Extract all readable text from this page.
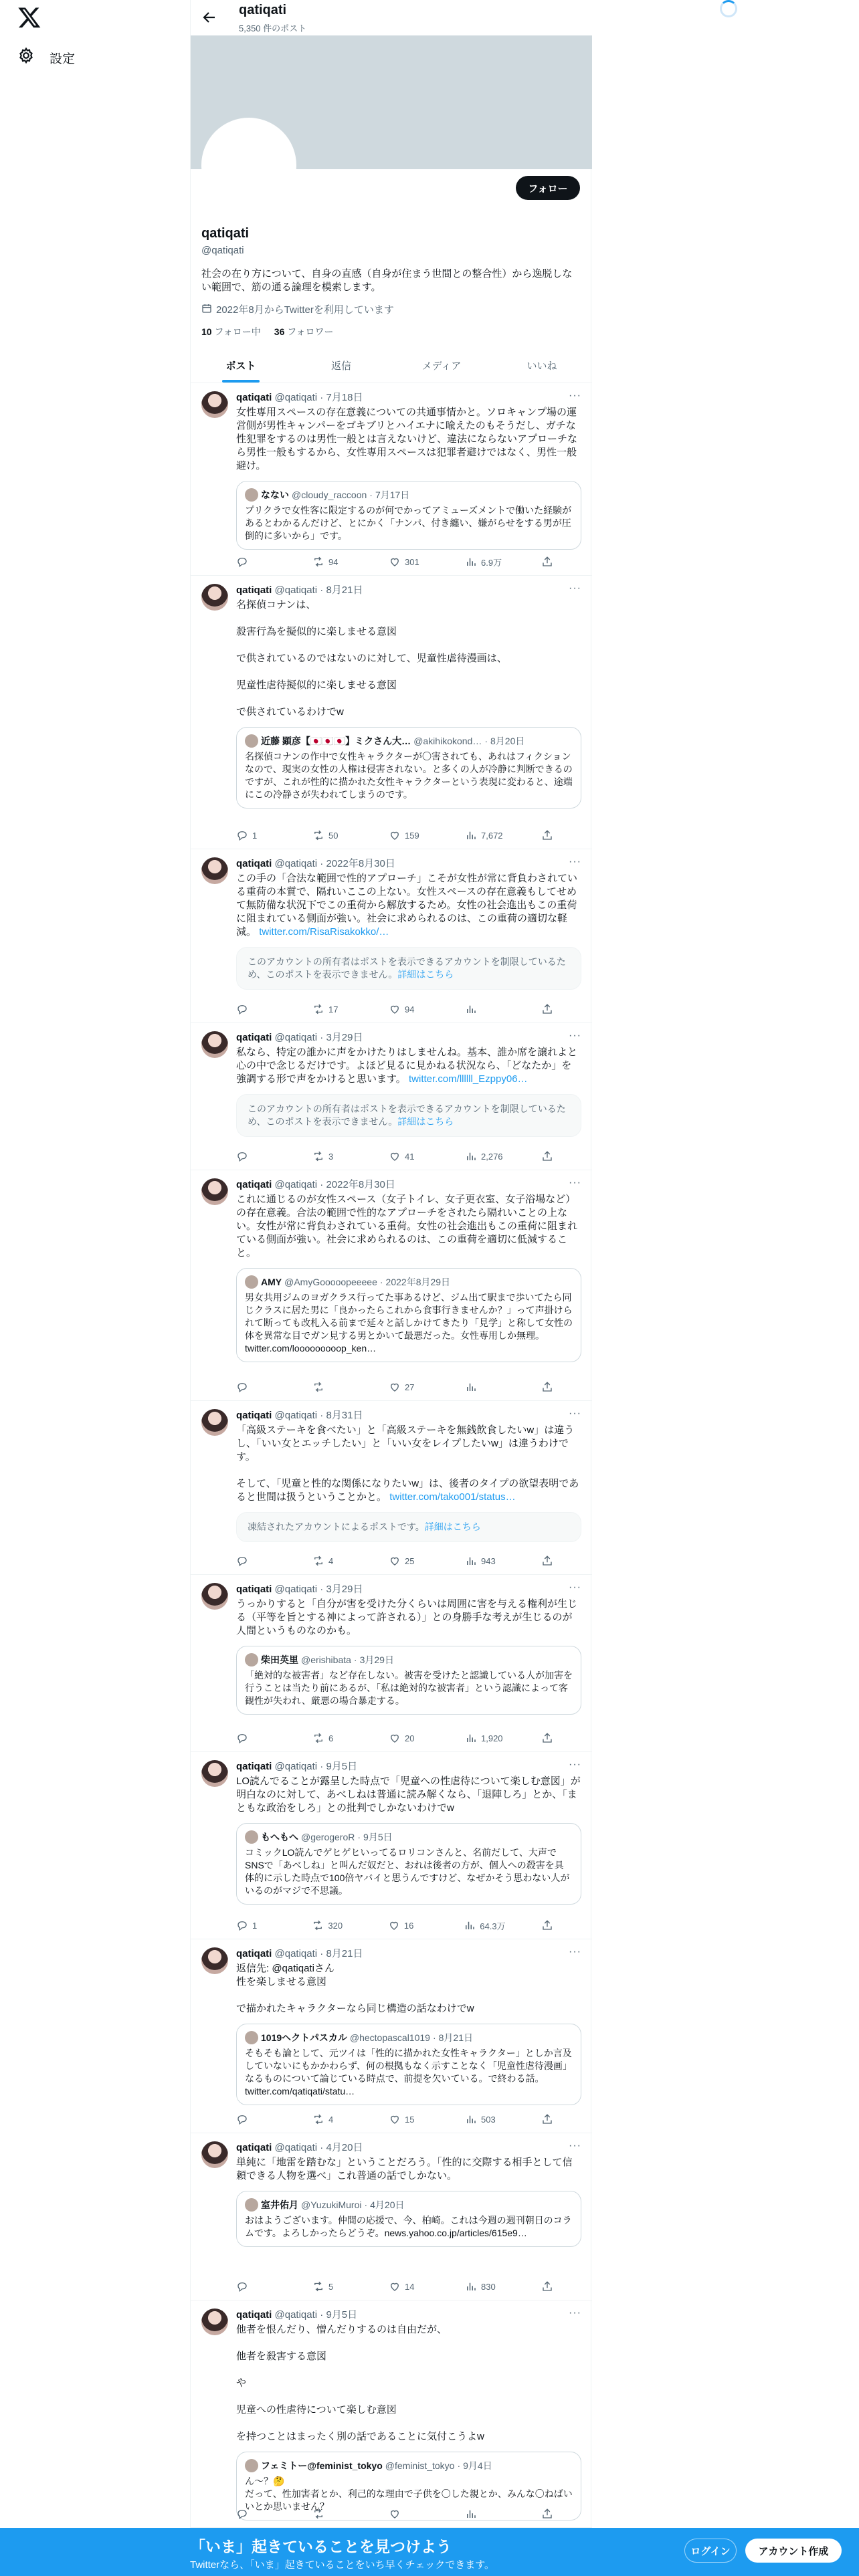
設定
qatiqati
5,350 件のポスト
フォロー
qatiqati
@qatiqati
社会の在り方について、自身の直感（自身が住まう世間との整合性）から逸脱しない範囲で、筋の通る論理を模索します。
2022年8月からTwitterを利用しています
10 フォロー中 36 フォロワー
ポスト	返信	メディア	いいね
···
qatiqati @qatiqati · 7月18日
女性専用スペースの存在意義についての共通事情かと。ソロキャンプ場の運営側が男性キャンパーをゴキブリとハイエナに喩えたのもそうだし、ガチな性犯罪をするのは男性一般とは言えないけど、違法にならないアプローチなら男性一般もするから、女性専用スペースは犯罪者避けではなく、男性一般避け。
なない @cloudy_raccoon · 7月17日
プリクラで女性客に限定するのが何でかってアミューズメントで働いた経験があるとわかるんだけど、とにかく「ナンパ、付き纏い、嫌がらせをする男が圧倒的に多いから」です。
94	301	6.9万
···
qatiqati @qatiqati · 8月21日
名探偵コナンは、

殺害行為を擬似的に楽しませる意図

で供されているのではないのに対して、児童性虐待漫画は、

児童性虐待擬似的に楽しませる意図

で供されているわけでw
近藤 顕彦【🇯🇵🇯🇵🇯🇵】ミクさん大… @akihikokond… · 8月20日
名探偵コナンの作中で女性キャラクターが〇害されても、あれはフィクションなので、現実の女性の人権は侵害されない。と多くの人が冷静に判断できるのですが、これが性的に描かれた女性キャラクターという表現に変わると、途端にこの冷静さが失われてしまうのです。
1	50	159	7,672
···
qatiqati @qatiqati · 2022年8月30日
この手の「合法な範囲で性的アプローチ」こそが女性が常に背負わされている重荷の本質で、隔れいここの上ない。女性スペースの存在意義もしてせめて無防備な状況下でこの重荷から解放するため。女性の社会進出もこの重荷に阻まれている側面が強い。社会に求められるのは、この重荷の適切な軽減。 twitter.com/RisaRisakokko/…
このアカウントの所有者はポストを表示できるアカウントを制限しているため、このポストを表示できません。詳細はこちら
17	94
···
qatiqati @qatiqati · 3月29日
私なら、特定の誰かに声をかけたりはしませんね。基本、誰か席を譲れよと心の中で念じるだけです。よほど見るに見かねる状況なら、「どなたか」を強調する形で声をかけると思います。 twitter.com/llllll_Ezppy06…
このアカウントの所有者はポストを表示できるアカウントを制限しているため、このポストを表示できません。詳細はこちら
3	41	2,276
···
qatiqati @qatiqati · 2022年8月30日
これに通じるのが女性スペース（女子トイレ、女子更衣室、女子浴場など）の存在意義。合法の範囲で性的なアプローチをされたら隔れいことの上ない。女性が常に背負わされている重荷。女性の社会進出もこの重荷に阻まれている側面が強い。社会に求められるのは、この重荷を適切に低減すること。
AMY @AmyGooooopeeeee · 2022年8月29日
男女共用ジムのヨガクラス行ってた事あるけど、ジム出て駅まで歩いてたら同じクラスに居た男に「良かったらこれから食事行きませんか？」って声掛けられて断っても改札入る前まで延々と話しかけてきたり「見学」と称して女性の体を異常な目でガン見する男とかいて最悪だった。女性専用しか無理。twitter.com/looooooooop_ken…
27
···
qatiqati @qatiqati · 8月31日
「高級ステーキを食べたい」と「高級ステーキを無銭飲食したいw」は違うし、「いい女とエッチしたい」と「いい女をレイプしたいw」は違うわけです。

そして、「児童と性的な関係になりたいw」は、後者のタイプの欲望表明であると世間は扱うということかと。 twitter.com/tako001/status…
凍結されたアカウントによるポストです。詳細はこちら
4	25	943
···
qatiqati @qatiqati · 3月29日
うっかりすると「自分が害を受けた分くらいは周囲に害を与える権利が生じる（平等を旨とする神によって許される）」との身勝手な考えが生じるのが人間というものなのかも。
柴田英里 @erishibata · 3月29日
「絶対的な被害者」など存在しない。被害を受けたと認識している人が加害を行うことは当たり前にあるが、「私は絶対的な被害者」という認識によって客観性が失われ、厳悪の場合暴走する。
6	20	1,920
···
qatiqati @qatiqati · 9月5日
LO読んでることが露呈した時点で「児童への性虐待について楽しむ意図」が明白なのに対して、あべしねは普通に読み解くなら、「退陣しろ」とか、「まともな政治をしろ」との批判でしかないわけでw
もへもへ @gerogeroR · 9月5日
コミックLO読んでゲヒゲヒいってるロリコンさんと、名前だして、大声でSNSで「あべしね」と叫んだ奴だと、おれは後者の方が、個人への殺害を具体的に示した時点で100倍ヤバイと思うんですけど、なぜかそう思わない人がいるのがマジで不思議。
1	320	16	64.3万
···
qatiqati @qatiqati · 8月21日
返信先: @qatiqatiさん
性を楽しませる意図

で描かれたキャラクターなら同じ構造の話なわけでw
1019ヘクトパスカル @hectopascal1019 · 8月21日
そもそも論として、元ツイは「性的に描かれた女性キャラクター」としか言及していないにもかかわらず、何の根拠もなく示すことなく「児童性虐待漫画」なるものについて論じている時点で、前提を欠いている。で終わる話。twitter.com/qatiqati/statu…
4	15	503
···
qatiqati @qatiqati · 4月20日
単純に「地雷を踏むな」ということだろう。「性的に交際する相手として信頼できる人物を選べ」これ普通の話でしかない。
室井佑月 @YuzukiMuroi · 4月20日
おはようございます。仲間の応援で、今、柏崎。これは今週の週刊朝日のコラムです。よろしかったらどうぞ。news.yahoo.co.jp/articles/615e9…
5	14	830
···
qatiqati @qatiqati · 9月5日
他者を恨んだり、憎んだりするのは自由だが、

他者を殺害する意図

や

児童への性虐待について楽しむ意図

を持つことはまったく別の話であることに気付こうよw
フェミトー@feminist_tokyo @feminist_tokyo · 9月4日
ん〜？🤔
だって、性加害者とか、利己的な理由で子供を〇した親とか、みんな〇ねばいいとか思いません？
「いま」起きていることを見つけよう
Twitterなら、「いま」起きていることをいち早くチェックできます。
ログイン	アカウント作成
